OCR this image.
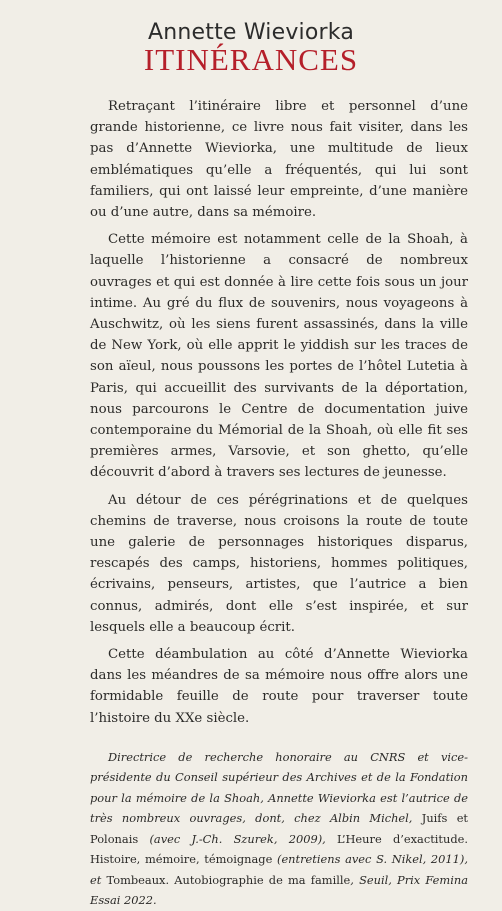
Annette Wieviorka
ITINÉRANCES

Retraçant l’itinéraire libre et personnel d’une grande historienne, ce livre nous fait visiter, dans les pas d’Annette Wieviorka, une multitude de lieux emblématiques qu’elle a fréquentés, qui lui sont familiers, qui ont laissé leur empreinte, d’une manière ou d’une autre, dans sa mémoire.

Cette mémoire est notamment celle de la Shoah, à laquelle l’historienne a consacré de nombreux ouvrages et qui est donnée à lire cette fois sous un jour intime. Au gré du flux de souvenirs, nous voyageons à Auschwitz, où les siens furent assassinés, dans la ville de New York, où elle apprit le yiddish sur les traces de son aïeul, nous poussons les portes de l’hôtel Lutetia à Paris, qui accueillit des survivants de la déportation, nous parcourons le Centre de documentation juive contemporaine du Mémorial de la Shoah, où elle fit ses premières armes, Varsovie, et son ghetto, qu’elle découvrit d’abord à travers ses lectures de jeunesse.

Au détour de ces pérégrinations et de quelques chemins de traverse, nous croisons la route de toute une galerie de personnages historiques disparus, rescapés des camps, historiens, hommes politiques, écrivains, penseurs, artistes, que l’autrice a bien connus, admirés, dont elle s’est inspirée, et sur lesquels elle a beaucoup écrit.

Cette déambulation au côté d’Annette Wieviorka dans les méandres de sa mémoire nous offre alors une formidable feuille de route pour traverser toute l’histoire du XXe siècle.

Directrice de recherche honoraire au CNRS et vice-présidente du Conseil supérieur des Archives et de la Fondation pour la mémoire de la Shoah, Annette Wieviorka est l’autrice de très nombreux ouvrages, dont, chez Albin Michel, Juifs et Polonais (avec J.-Ch. Szurek, 2009), L’Heure d’exactitude. Histoire, mémoire, témoignage (entretiens avec S. Nikel, 2011), et Tombeaux. Autobiographie de ma famille, Seuil, Prix Femina Essai 2022.
